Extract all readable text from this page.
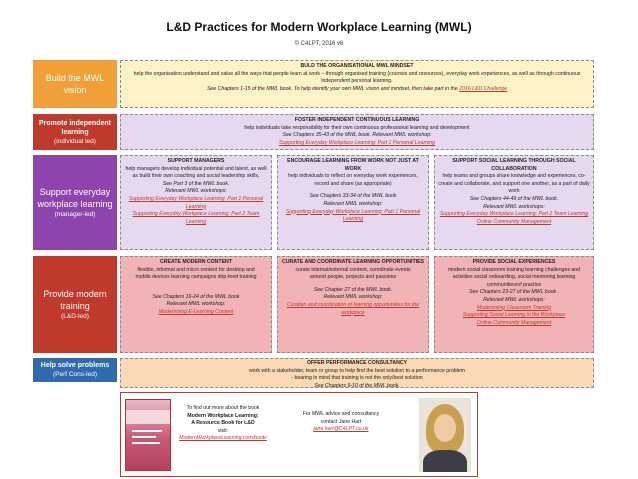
L&D Practices for Modern Workplace Learning (MWL)
© C4LPT, 2016 v6
Build the MWL vision
Promote independent learning
(individual led)
Support everyday workplace learning
(manager-led)
Provide modern training
(L&D-led)
Help solve problems
(Perf Cons-led)
BULD THE ORGANISATIONAL MWL MINDSET
help the organisation understand and value all the ways that people learn at work – through organised training (courses and resources), everyday work experiences, as well as through continuous independent personal learning.
See Chapters 1-15 of the MWL book. To help identify your own MWL vision and mindset, then take part in the 2016 L&D Challenge
FOSTER INDEPENDENT CONTINUOUS LEARNING
help individuals take responsibility for their own continuous professional learning and development
See Chapters 35-43 of the MWL book. Relevant MWL workshop:
Supporting Everyday Workplace Learning: Part 1 Personal Learning
SUPPORT MANAGERS
help managers develop individual potential and talent, as well as build their own coaching and social leadership skills,
See Part 3 of the MWL book.
Relevant MWL workshops:
Supporting Everyday Workplace Learning: Part 1 Personal Learning
Supporting Everyday Workplace Learning: Part 2 Team Learning
ENCOURAGE LEARNING FROM WORK NOT JUST AT WORK
help individuals to reflect on everyday work experiences, record and share (as appropriate)
See Chapters 33-34 of the MWL book
Relevant MWL workshop:
Supporting Everyday Workplace Learning: Part 1 Personal Learning
SUPPORT SOCIAL LEARNING THROUGH SOCIAL COLLABORATION
help teams and groups share knowledge and experiences, co-create and collaborate, and support one another, as a part of daily work
See Chapters 44-49 of the MWL book.
Relevant MWL workshops:
Supporting Everyday Workplace Learning: Part 2 Team Learning
Online Community Management
CREATE MODERN CONTENT
flexible, informal and micro content for desktop and mobile devices learning campaigns drip-feed training
See Chapters 16-24 of the MWL book
Relevant MWL workshop:
Modernising E-Learning Content
CURATE AND COORDINATE LEARNING OPPORTUNITIES
curate internal/external content, coordinate events around people, projects and passions
See Chapter 27 of the MWL book.
Relevant MWL workshop:
Curation and coordination of learning opportunities for the workplace
PROVIDE SOCIAL EXPERIENCES
modern social classroom training learning challenges and activities social onboarding, social mentoring learning communities/of practice
See Chapters 23-27 of the MWL book .
Relevant MWL workshops:
Modernising Classroom Training
Supporting Social Learning in the Workplace
Online Community Management
OFFER PERFORMANCE CONSULTANCY
work with a stakeholder, team or group to help find the best solution to a performance problem
- bearing in mind that training is not the only/best solution
See Chapters 9-10 of the MWL book.
To find out more about the book
Modern Workplace Learning:
A Resource Book for L&D
visit:
ModernWorkplaceLearning.com/book/
For MWL advice and consultancy
contact Jane Hart
jane.hart@C4LPT.co.uk
